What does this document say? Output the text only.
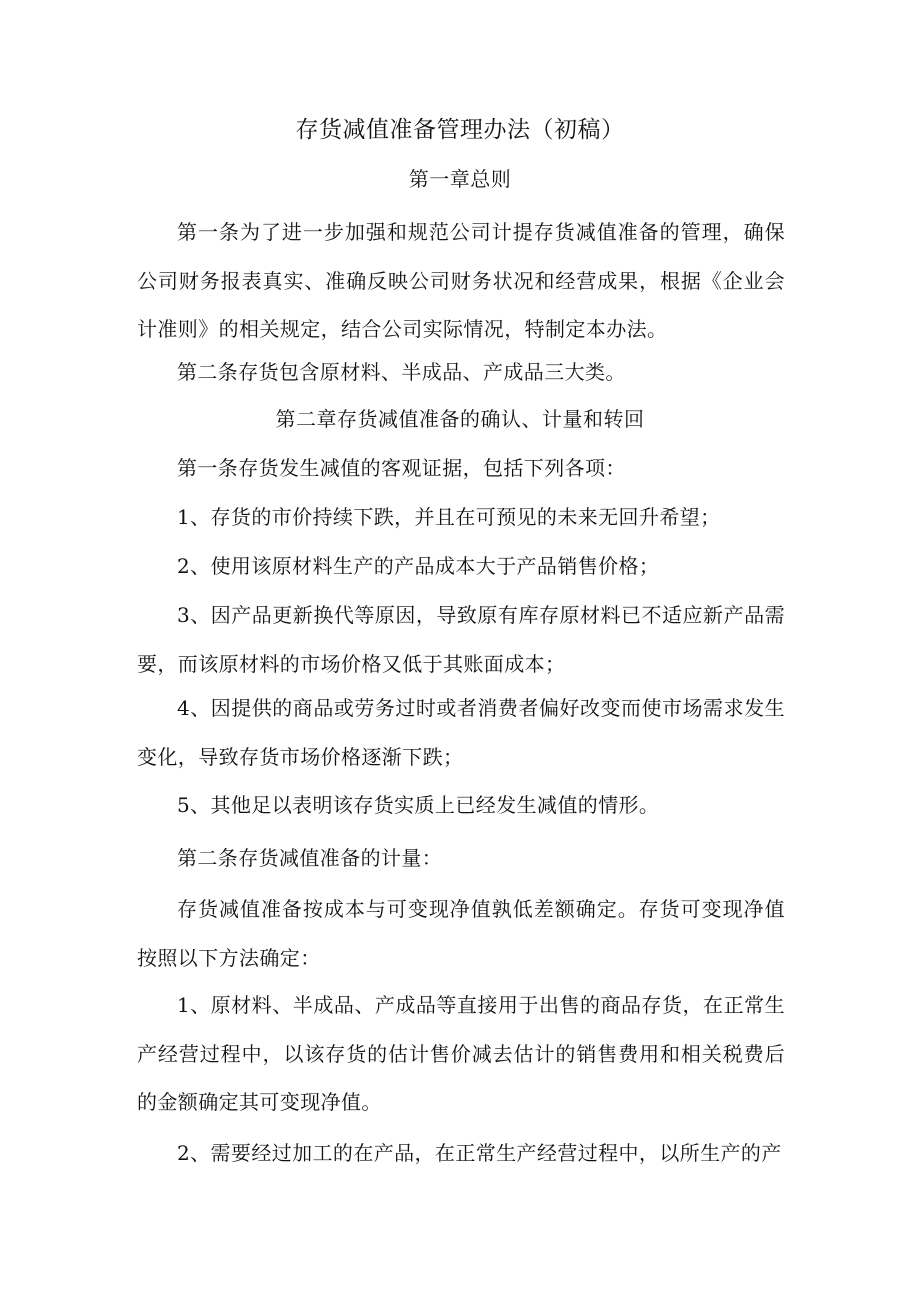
存货减值准备管理办法（初稿）
第一章总则

第一条为了进一步加强和规范公司计提存货减值准备的管理，确保公司财务报表真实、准确反映公司财务状况和经营成果，根据《企业会计准则》的相关规定，结合公司实际情况，特制定本办法。

第二条存货包含原材料、半成品、产成品三大类。

第二章存货减值准备的确认、计量和转回

第一条存货发生减值的客观证据，包括下列各项：

1、存货的市价持续下跌，并且在可预见的未来无回升希望；

2、使用该原材料生产的产品成本大于产品销售价格；

3、因产品更新换代等原因，导致原有库存原材料已不适应新产品需要，而该原材料的市场价格又低于其账面成本；

4、因提供的商品或劳务过时或者消费者偏好改变而使市场需求发生变化，导致存货市场价格逐渐下跌；

5、其他足以表明该存货实质上已经发生减值的情形。

第二条存货减值准备的计量：

存货减值准备按成本与可变现净值孰低差额确定。存货可变现净值按照以下方法确定：

1、原材料、半成品、产成品等直接用于出售的商品存货，在正常生产经营过程中，以该存货的估计售价减去估计的销售费用和相关税费后的金额确定其可变现净值。

2、需要经过加工的在产品，在正常生产经营过程中，以所生产的产
